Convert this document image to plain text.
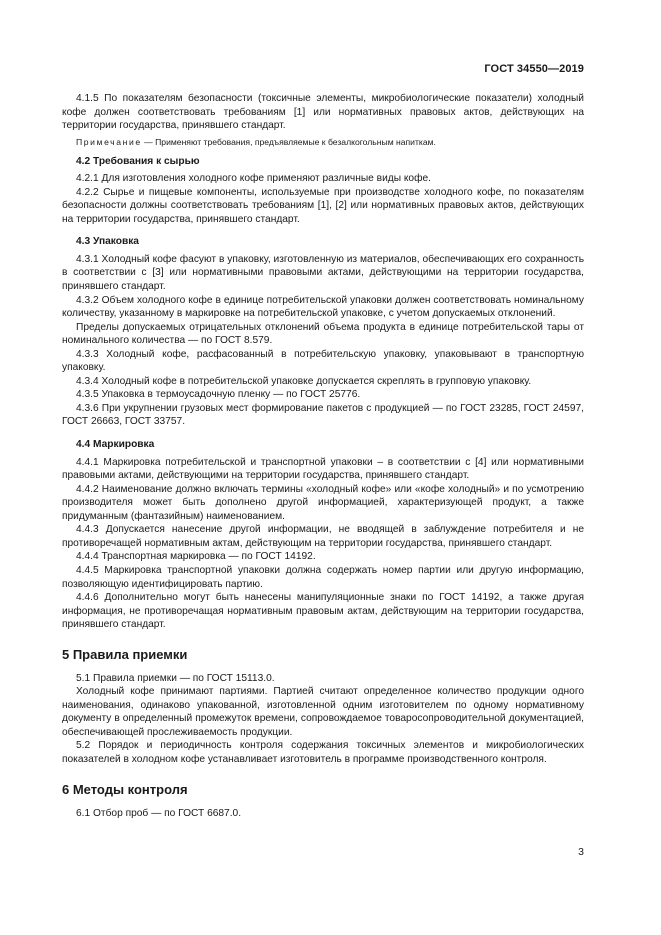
ГОСТ 34550—2019

4.1.5 По показателям безопасности (токсичные элементы, микробиологические показатели) холодный кофе должен соответствовать требованиям [1] или нормативных правовых актов, действующих на территории государства, принявшего стандарт.

Примечание — Применяют требования, предъявляемые к безалкогольным напиткам.

4.2 Требования к сырью

4.2.1 Для изготовления холодного кофе применяют различные виды кофе.

4.2.2 Сырье и пищевые компоненты, используемые при производстве холодного кофе, по показателям безопасности должны соответствовать требованиям [1], [2] или нормативных правовых актов, действующих на территории государства, принявшего стандарт.

4.3 Упаковка

4.3.1 Холодный кофе фасуют в упаковку, изготовленную из материалов, обеспечивающих его сохранность в соответствии с [3] или нормативными правовыми актами, действующими на территории государства, принявшего стандарт.

4.3.2 Объем холодного кофе в единице потребительской упаковки должен соответствовать номинальному количеству, указанному в маркировке на потребительской упаковке, с учетом допускаемых отклонений.

Пределы допускаемых отрицательных отклонений объема продукта в единице потребительской тары от номинального количества — по ГОСТ 8.579.

4.3.3 Холодный кофе, расфасованный в потребительскую упаковку, упаковывают в транспортную упаковку.

4.3.4 Холодный кофе в потребительской упаковке допускается скреплять в групповую упаковку.

4.3.5 Упаковка в термоусадочную пленку — по ГОСТ 25776.

4.3.6 При укрупнении грузовых мест формирование пакетов с продукцией — по ГОСТ 23285, ГОСТ 24597, ГОСТ 26663, ГОСТ 33757.

4.4 Маркировка

4.4.1 Маркировка потребительской и транспортной упаковки – в соответствии с [4] или нормативными правовыми актами, действующими на территории государства, принявшего стандарт.

4.4.2 Наименование должно включать термины «холодный кофе» или «кофе холодный» и по усмотрению производителя может быть дополнено другой информацией, характеризующей продукт, а также придуманным (фантазийным) наименованием.

4.4.3 Допускается нанесение другой информации, не вводящей в заблуждение потребителя и не противоречащей нормативным актам, действующим на территории государства, принявшего стандарт.

4.4.4 Транспортная маркировка — по ГОСТ 14192.

4.4.5 Маркировка транспортной упаковки должна содержать номер партии или другую информацию, позволяющую идентифицировать партию.

4.4.6 Дополнительно могут быть нанесены манипуляционные знаки по ГОСТ 14192, а также другая информация, не противоречащая нормативным правовым актам, действующим на территории государства, принявшего стандарт.

5 Правила приемки

5.1 Правила приемки — по ГОСТ 15113.0.

Холодный кофе принимают партиями. Партией считают определенное количество продукции одного наименования, одинаково упакованной, изготовленной одним изготовителем по одному нормативному документу в определенный промежуток времени, сопровождаемое товаросопроводительной документацией, обеспечивающей прослеживаемость продукции.

5.2 Порядок и периодичность контроля содержания токсичных элементов и микробиологических показателей в холодном кофе устанавливает изготовитель в программе производственного контроля.

6 Методы контроля

6.1 Отбор проб — по ГОСТ 6687.0.

3
